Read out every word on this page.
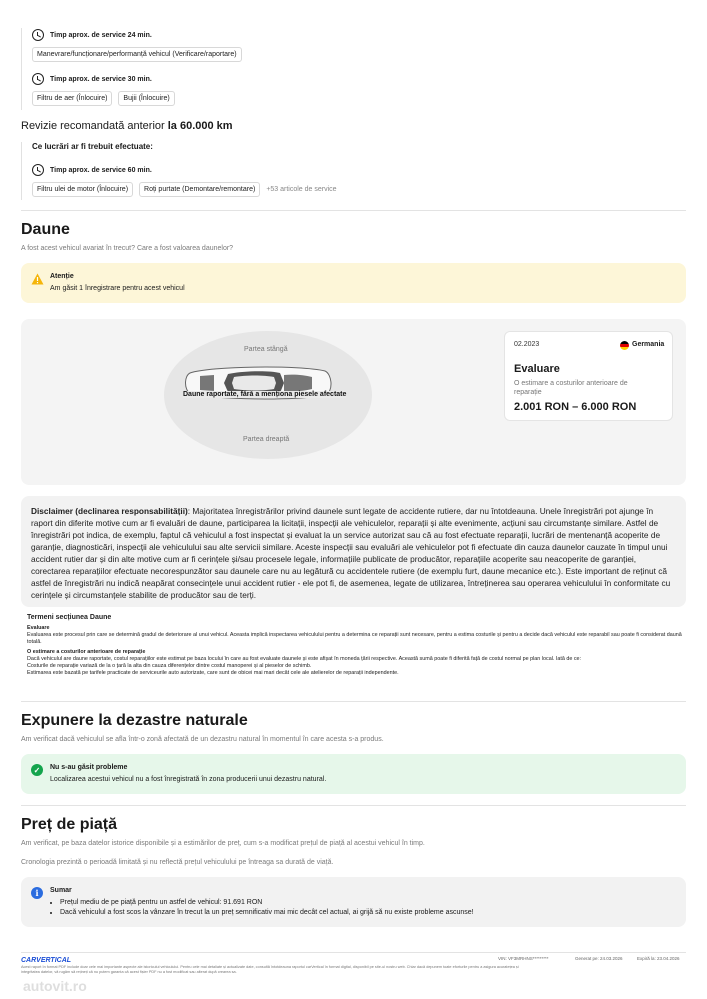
Timp aprox. de service 24 min.
Manevrare/funcționare/performanță vehicul (Verificare/raportare)
Timp aprox. de service 30 min.
Filtru de aer (Înlocuire)	Bujii (Înlocuire)
Revizie recomandată anterior la 60.000 km
Ce lucrări ar fi trebuit efectuate:
Timp aprox. de service 60 min.
Filtru ulei de motor (Înlocuire)	Roți purtate (Demontare/remontare)	+53 articole de service
Daune
A fost acest vehicul avariat în trecut? Care a fost valoarea daunelor?
Atenție
Am găsit 1 înregistrare pentru acest vehicul
Partea stângă
Daune raportate, fără a menționa piesele afectate
Partea dreaptă
02.2023	Germania
Evaluare
O estimare a costurilor anterioare de reparație
2.001 RON – 6.000 RON
Disclaimer (declinarea responsabilității): Majoritatea înregistrărilor privind daunele sunt legate de accidente rutiere, dar nu întotdeauna. Unele înregistrări pot ajunge în raport din diferite motive cum ar fi evaluări de daune, participarea la licitații, inspecții ale vehiculelor, reparații și alte evenimente, acțiuni sau circumstanțe similare. Astfel de înregistrări pot indica, de exemplu, faptul că vehiculul a fost inspectat și evaluat la un service autorizat sau că au fost efectuate reparații, lucrări de mentenanță acoperite de garanție, diagnosticări, inspecții ale vehiculului sau alte servicii similare. Aceste inspecții sau evaluări ale vehiculelor pot fi efectuate din cauza daunelor cauzate în timpul unui accident rutier dar și din alte motive cum ar fi cerințele și/sau procesele legale, informațiile publicate de producător, reparațiile acoperite sau neacoperite de garanției, corectarea reparațiilor efectuate necorespunzător sau daunele care nu au legătură cu accidentele rutiere (de exemplu furt, daune mecanice etc.). Este important de reținut că astfel de înregistrări nu indică neapărat consecințele unui accident rutier - ele pot fi, de asemenea, legate de utilizarea, întreținerea sau operarea vehiculului în conformitate cu cerințele și circumstanțele stabilite de producător sau de terți.
Termeni secțiunea Daune
Evaluare
Evaluarea este procesul prin care se determină gradul de deteriorare al unui vehicul. Aceasta implică inspectarea vehiculului pentru a determina ce reparații sunt necesare, pentru a estima costurile și pentru a decide dacă vehiculul este reparabil sau poate fi considerat daună totală.
O estimare a costurilor anterioare de reparație
Dacă vehiculul are daune raportate, costul reparațiilor este estimat pe baza locului în care au fost evaluate daunele și este afișat în moneda țării respective. Această sumă poate fi diferită față de costul normal pe plan local. Iată de ce:
Costurile de reparație variază de la o țară la alta din cauza diferențelor dintre costul manoperei și al pieselor de schimb.
Estimarea este bazată pe tarifele practicate de serviceurile auto autorizate, care sunt de obicei mai mari decât cele ale atelierelor de reparații independente.
Expunere la dezastre naturale
Am verificat dacă vehiculul se afla într-o zonă afectată de un dezastru natural în momentul în care acesta s-a produs.
✓	Nu s-au găsit probleme
Localizarea acestui vehicul nu a fost înregistrată în zona producerii unui dezastru natural.
Preț de piață
Am verificat, pe baza datelor istorice disponibile și a estimărilor de preț, cum s-a modificat prețul de piață al acestui vehicul în timp.
Cronologia prezintă o perioadă limitată și nu reflectă prețul vehiculului pe întreaga sa durată de viață.
i	Sumar
• Prețul mediu de pe piață pentru un astfel de vehicul: 91.691 RON
• Dacă vehiculul a fost scos la vânzare în trecut la un preț semnificativ mai mic decât cel actual, ai grijă să nu existe probleme ascunse!
CARVERTICAL	VIN: VF3MRHNS*********	Generat pe: 24.03.2026	Expiră la: 23.04.2026
Acest raport în format PDF include doar cele mai importante aspecte ale istoricului vehiculului. Pentru cele mai detaliate și actualizate date, consultă întotdeauna raportul carVertical în format digital, disponibil pe site-ul nostru web. Chiar dacă depunem toate eforturile pentru a asigura acuratețea și
integritatea datelor, vă rugăm să rețineți că nu putem garanta că acest fișier PDF nu a fost modificat sau alterat după crearea sa.
autovit.ro
